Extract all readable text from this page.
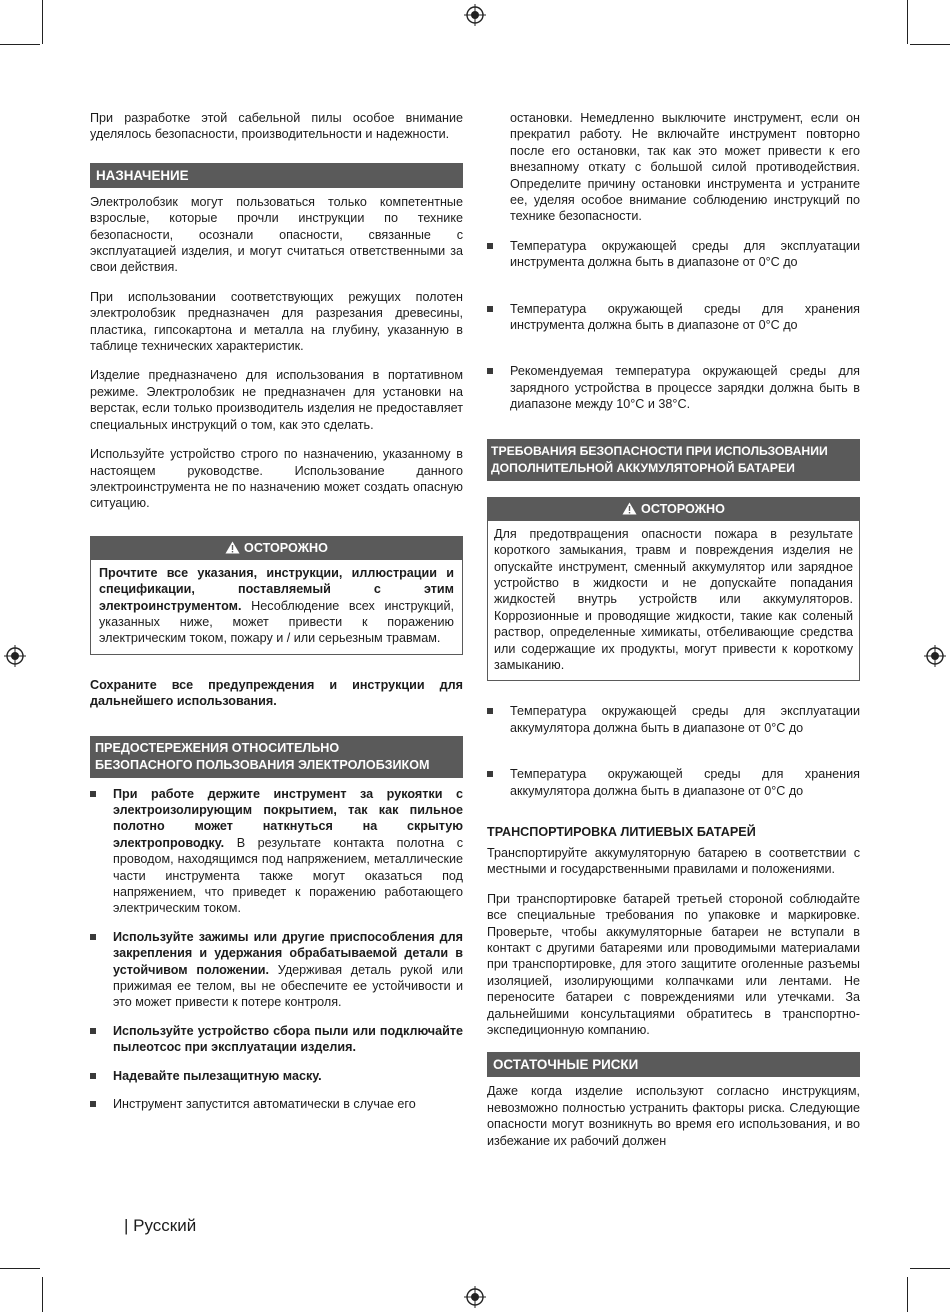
При разработке этой сабельной пилы особое внимание уделялось безопасности, производительности и надежности.

НАЗНАЧЕНИЕ

Электролобзик могут пользоваться только компетентные взрослые, которые прочли инструкции по технике безопасности, осознали опасности, связанные с эксплуатацией изделия, и могут считаться ответственными за свои действия.

При использовании соответствующих режущих полотен электролобзик предназначен для разрезания древесины, пластика, гипсокартона и металла на глубину, указанную в таблице технических характеристик.

Изделие предназначено для использования в портативном режиме. Электролобзик не предназначен для установки на верстак, если только производитель изделия не предоставляет специальных инструкций о том, как это сделать.

Используйте устройство строго по назначению, указанному в настоящем руководстве. Использование данного электроинструмента не по назначению может создать опасную ситуацию.

ОСТОРОЖНО
Прочтите все указания, инструкции, иллюстрации и спецификации, поставляемый с этим электроинструментом. Несоблюдение всех инструкций, указанных ниже, может привести к поражению электрическим током, пожару и / или серьезным травмам.

Сохраните все предупреждения и инструкции для дальнейшего использования.

ПРЕДОСТЕРЕЖЕНИЯ ОТНОСИТЕЛЬНО
БЕЗОПАСНОГО ПОЛЬЗОВАНИЯ ЭЛЕКТРОЛОБЗИКОМ
При работе держите инструмент за рукоятки с электроизолирующим покрытием, так как пильное полотно может наткнуться на скрытую электропроводку. В результате контакта полотна с проводом, находящимся под напряжением, металлические части инструмента также могут оказаться под напряжением, что приведет к поражению работающего электрическим током.
Используйте зажимы или другие приспособления для закрепления и удержания обрабатываемой детали в устойчивом положении. Удерживая деталь рукой или прижимая ее телом, вы не обеспечите ее устойчивости и это может привести к потере контроля.
Используйте устройство сбора пыли или подключайте пылеотсос при эксплуатации изделия.
Надевайте пылезащитную маску.
Инструмент запустится автоматически в случае его

остановки. Немедленно выключите инструмент, если он прекратил работу. Не включайте инструмент повторно после его остановки, так как это может привести к его внезапному откату с большой силой противодействия. Определите причину остановки инструмента и устраните ее, уделяя особое внимание соблюдению инструкций по технике безопасности.

Температура окружающей среды для эксплуатации инструмента должна быть в диапазоне от 0°C до
Температура окружающей среды для хранения инструмента должна быть в диапазоне от 0°C до
Рекомендуемая температура окружающей среды для зарядного устройства в процессе зарядки должна быть в диапазоне между 10°C и 38°C.
ТРЕБОВАНИЯ БЕЗОПАСНОСТИ ПРИ ИСПОЛЬЗОВАНИИ
ДОПОЛНИТЕЛЬНОЙ АККУМУЛЯТОРНОЙ БАТАРЕИ
ОСТОРОЖНО
Для предотвращения опасности пожара в результате короткого замыкания, травм и повреждения изделия не опускайте инструмент, сменный аккумулятор или зарядное устройство в жидкости и не допускайте попадания жидкостей внутрь устройств или аккумуляторов. Коррозионные и проводящие жидкости, такие как соленый раствор, определенные химикаты, отбеливающие средства или содержащие их продукты, могут привести к короткому замыканию.
Температура окружающей среды для эксплуатации аккумулятора должна быть в диапазоне от 0°C до
Температура окружающей среды для хранения аккумулятора должна быть в диапазоне от 0°C до
ТРАНСПОРТИРОВКА ЛИТИЕВЫХ БАТАРЕЙ

Транспортируйте аккумуляторную батарею в соответствии с местными и государственными правилами и положениями.

При транспортировке батарей третьей стороной соблюдайте все специальные требования по упаковке и маркировке. Проверьте, чтобы аккумуляторные батареи не вступали в контакт с другими батареями или проводимыми материалами при транспортировке, для этого защитите оголенные разъемы изоляцией, изолирующими колпачками или лентами. Не переносите батареи с повреждениями или утечками. За дальнейшими консультациями обратитесь в транспортно-экспедиционную компанию.

ОСТАТОЧНЫЕ РИСКИ

Даже когда изделие используют согласно инструкциям, невозможно полностью устранить факторы риска. Следующие опасности могут возникнуть во время его использования, и во избежание их рабочий должен

| Русский
